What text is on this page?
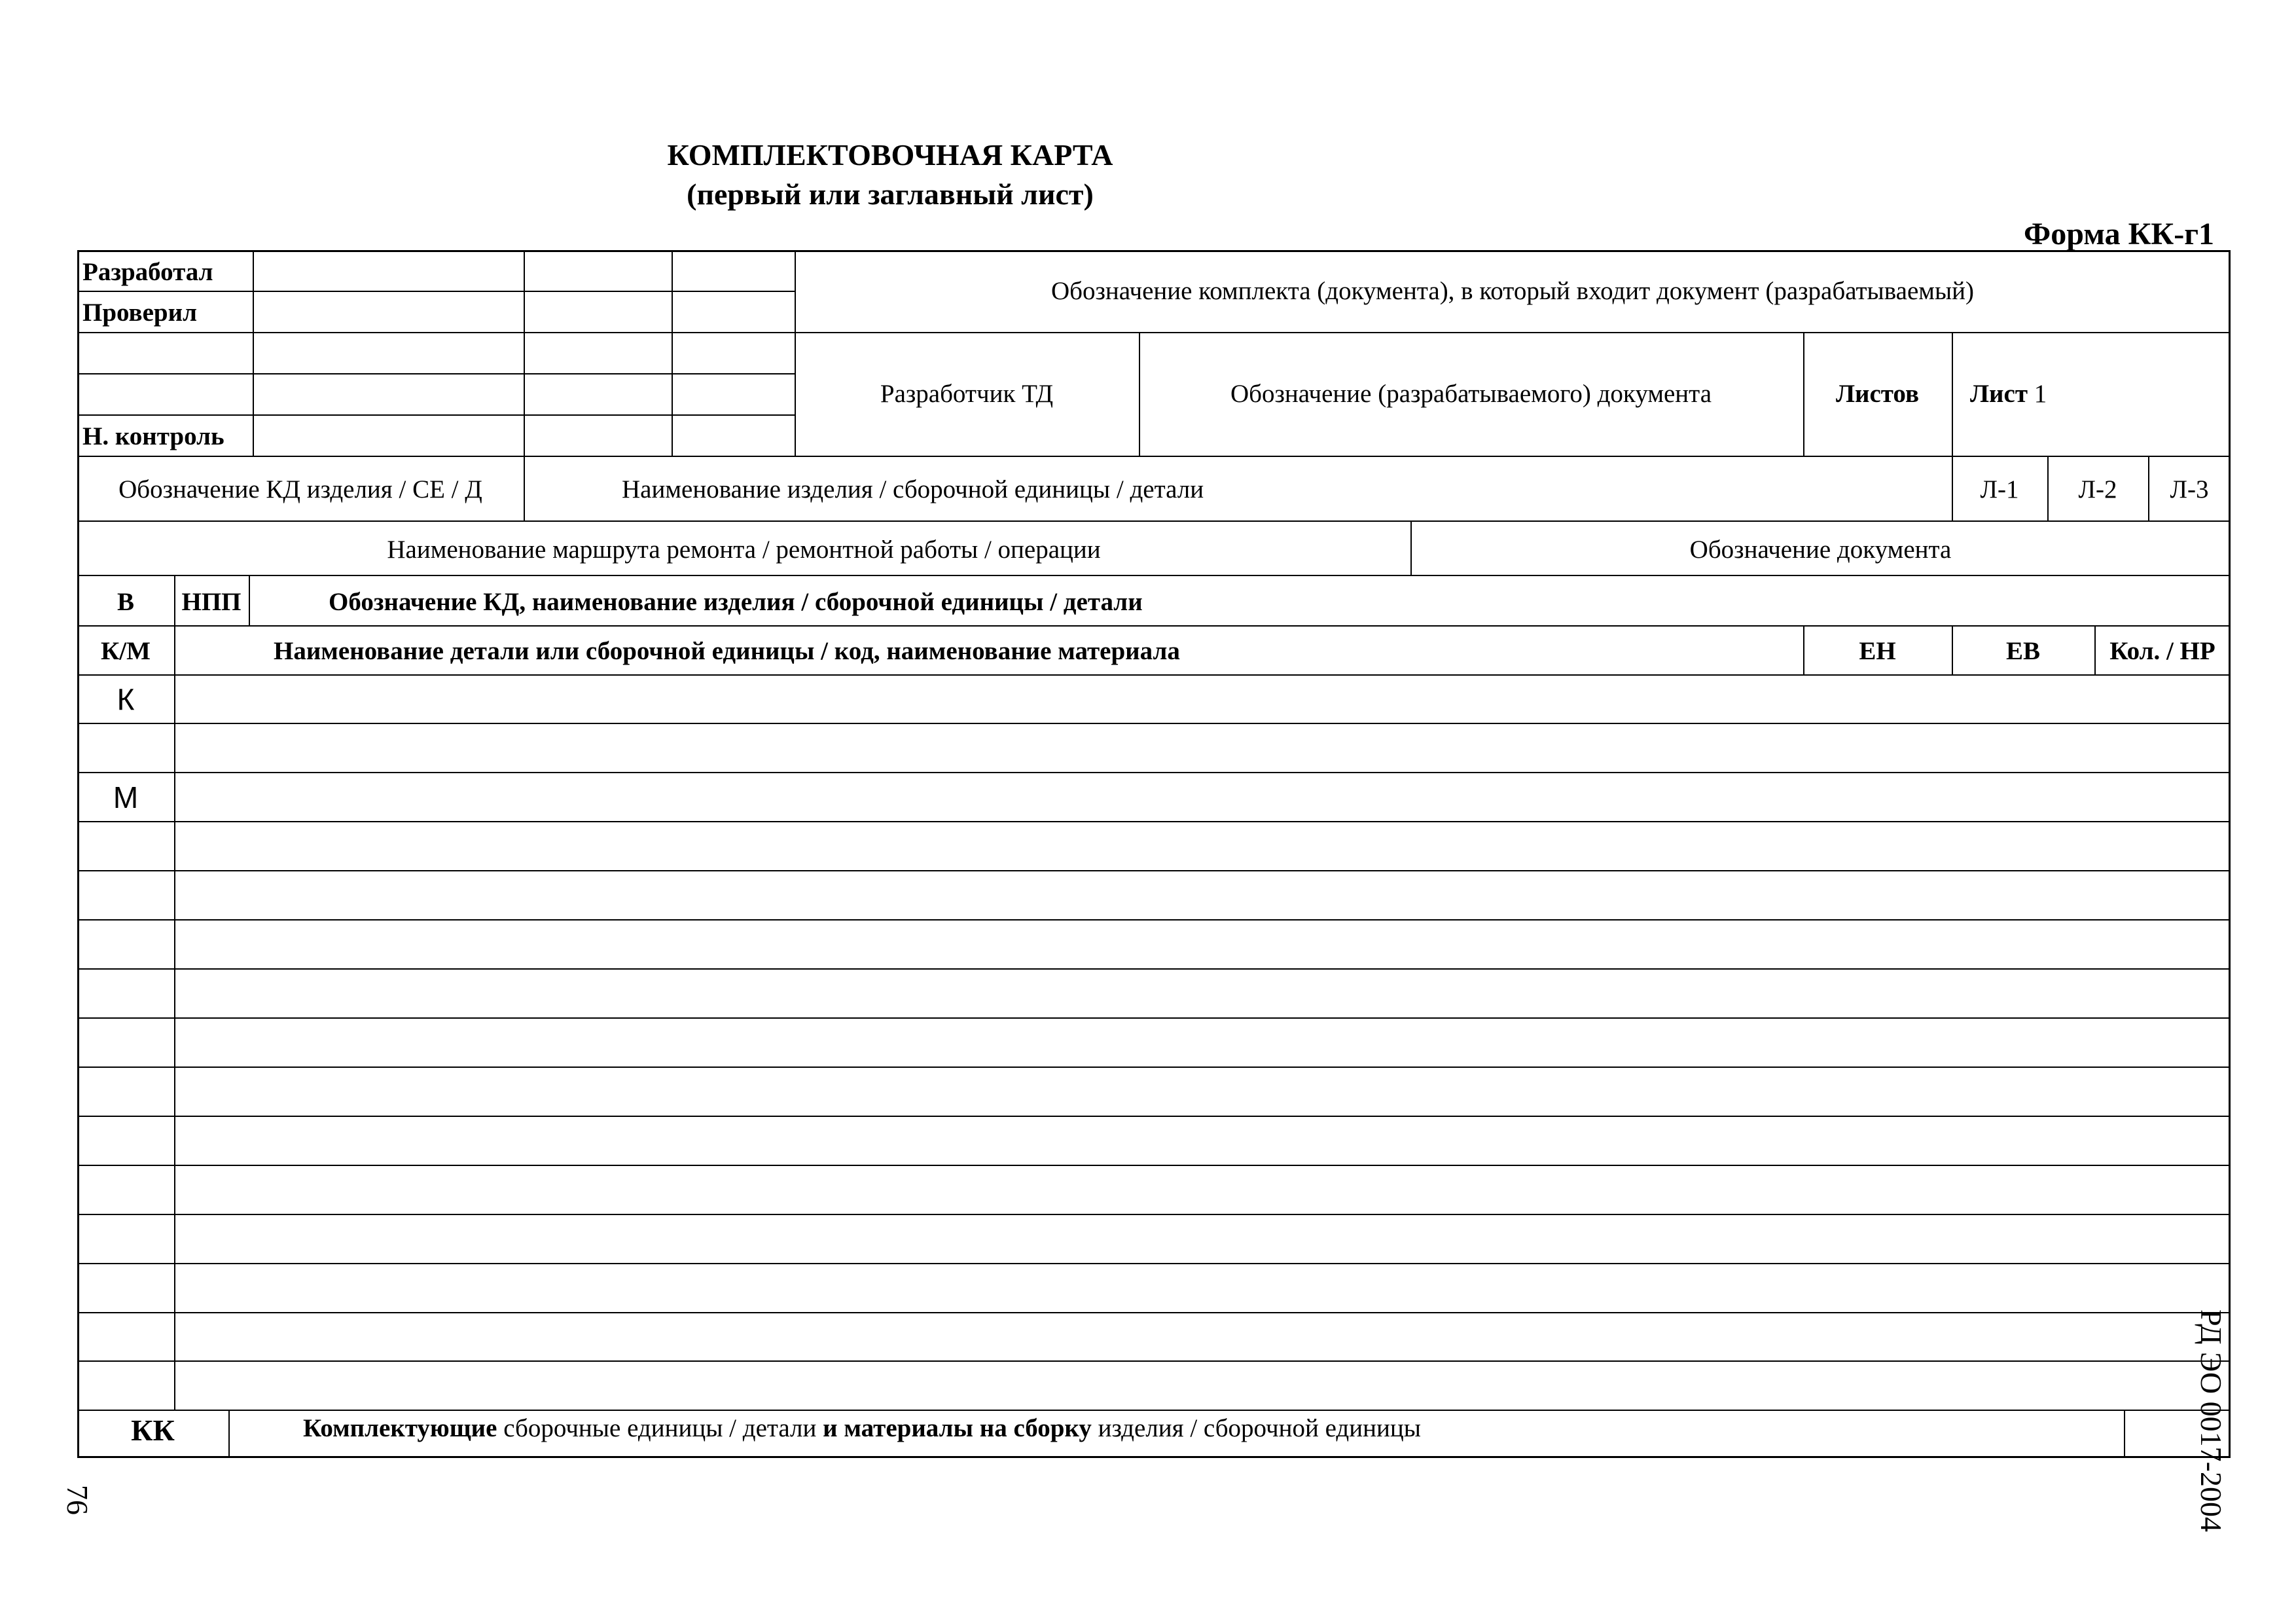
КОМПЛЕКТОВОЧНАЯ КАРТА
(первый или заглавный лист)
Форма КК-г1
Разработал
Проверил
Н. контроль
Обозначение комплекта (документа), в который входит документ (разрабатываемый)
Разработчик ТД	Обозначение (разрабатываемого) документа	Листов	Лист 1
Обозначение КД изделия / СЕ / Д	Наименование изделия / сборочной единицы / детали	Л-1	Л-2	Л-3
Наименование маршрута ремонта / ремонтной работы / операции	Обозначение документа
В	НПП	Обозначение КД, наименование изделия / сборочной единицы / детали
К/М	Наименование детали или сборочной единицы / код, наименование материала	ЕН	ЕВ	Кол. / НР
К
М
КК	Комплектующие сборочные единицы / детали и материалы на сборку изделия / сборочной единицы	РД ЭО 0017-2004
76
